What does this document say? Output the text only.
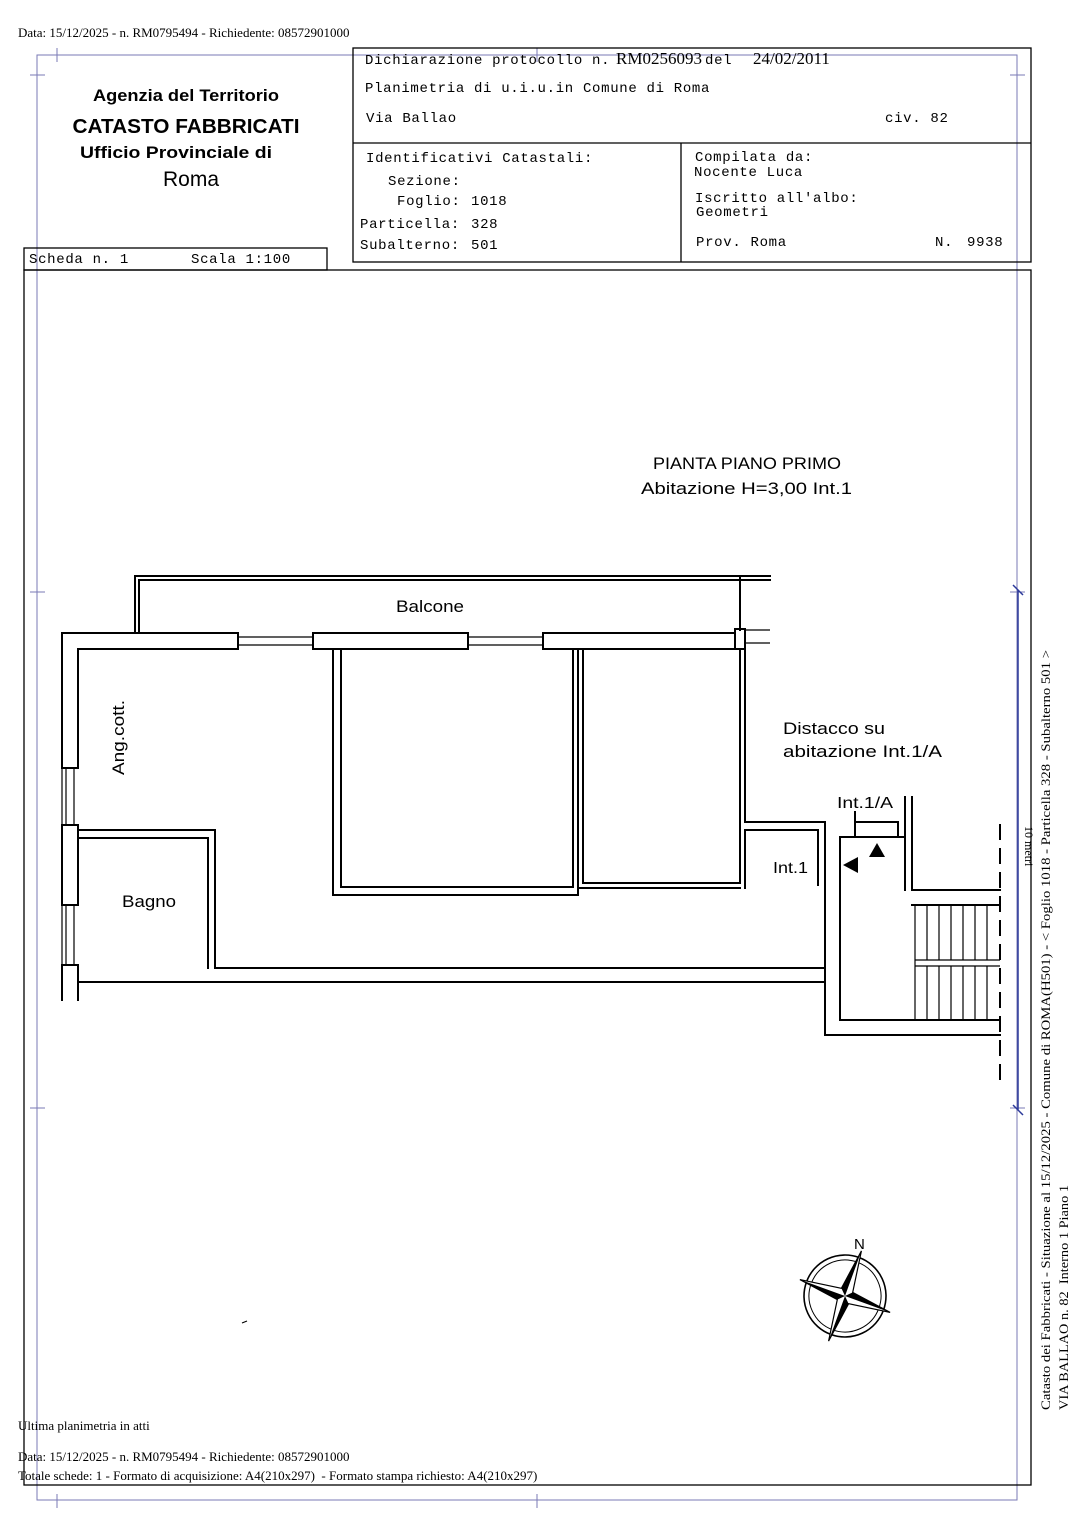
Data: 15/12/2025 - n. RM0795494 - Richiedente: 08572901000
Agenzia del Territorio
CATASTO FABBRICATI
Ufficio Provinciale di
Roma
Scheda n. 1	Scala 1:100
Dichiarazione protocollo n. RM0256093 del 24/02/2011
Planimetria di u.i.u.in Comune di Roma
Via Ballao	civ. 82
Identificativi Catastali:
Sezione:
Foglio: 1018
Particella: 328
Subalterno: 501
Compilata da:
Nocente Luca
Iscritto all'albo:
Geometri
Prov. Roma	N. 9938
PIANTA PIANO PRIMO
Abitazione H=3,00 Int.1
Balcone
Ang.cott.
Bagno
Distacco su
abitazione Int.1/A
Int.1/A
Int.1
N
10 metri Catasto dei Fabbricati - Situazione al 15/12/2025 - Comune di ROMA(H501) - < Foglio 1018 - Particella 328 - Subalterno 501 > VIA BALLAO n. 82  Interno 1 Piano 1
Ultima planimetria in atti
Data: 15/12/2025 - n. RM0795494 - Richiedente: 08572901000
Totale schede: 1 - Formato di acquisizione: A4(210x297)  - Formato stampa richiesto: A4(210x297)
